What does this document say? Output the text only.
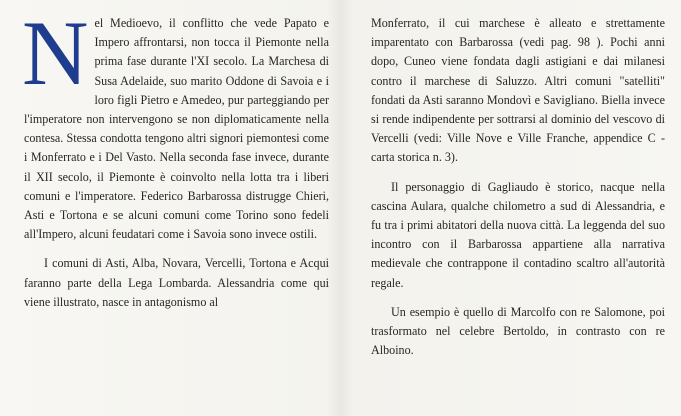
Nel Medioevo, il conflitto che vede Papato e Impero affrontarsi, non tocca il Piemonte nella prima fase durante l'XI secolo. La Marchesa di Susa Adelaide, suo marito Oddone di Savoia e i loro figli Pietro e Amedeo, pur parteggiando per l'imperatore non intervengono se non diplomaticamente nella contesa. Stessa condotta tengono altri signori piemontesi come i Monferrato e i Del Vasto. Nella seconda fase invece, durante il XII secolo, il Piemonte è coinvolto nella lotta tra i liberi comuni e l'imperatore. Federico Barbarossa distrugge Chieri, Asti e Tortona e se alcuni comuni come Torino sono fedeli all'Impero, alcuni feudatari come i Savoia sono invece ostili.

I comuni di Asti, Alba, Novara, Vercelli, Tortona e Acqui faranno parte della Lega Lombarda. Alessandria come qui viene illustrato, nasce in antagonismo al

Monferrato, il cui marchese è alleato e strettamente imparentato con Barbarossa (vedi pag. 98 ). Pochi anni dopo, Cuneo viene fondata dagli astigiani e dai milanesi contro il marchese di Saluzzo. Altri comuni "satelliti" fondati da Asti saranno Mondovì e Savigliano. Biella invece si rende indipendente per sottrarsi al dominio del vescovo di Vercelli (vedi: Ville Nove e Ville Franche, appendice C - carta storica n. 3).

Il personaggio di Gagliaudo è storico, nacque nella cascina Aulara, qualche chilometro a sud di Alessandria, e fu tra i primi abitatori della nuova città. La leggenda del suo incontro con il Barbarossa appartiene alla narrativa medievale che contrappone il contadino scaltro all'autorità regale.

Un esempio è quello di Marcolfo con re Salomone, poi trasformato nel celebre Bertoldo, in contrasto con re Alboino.
